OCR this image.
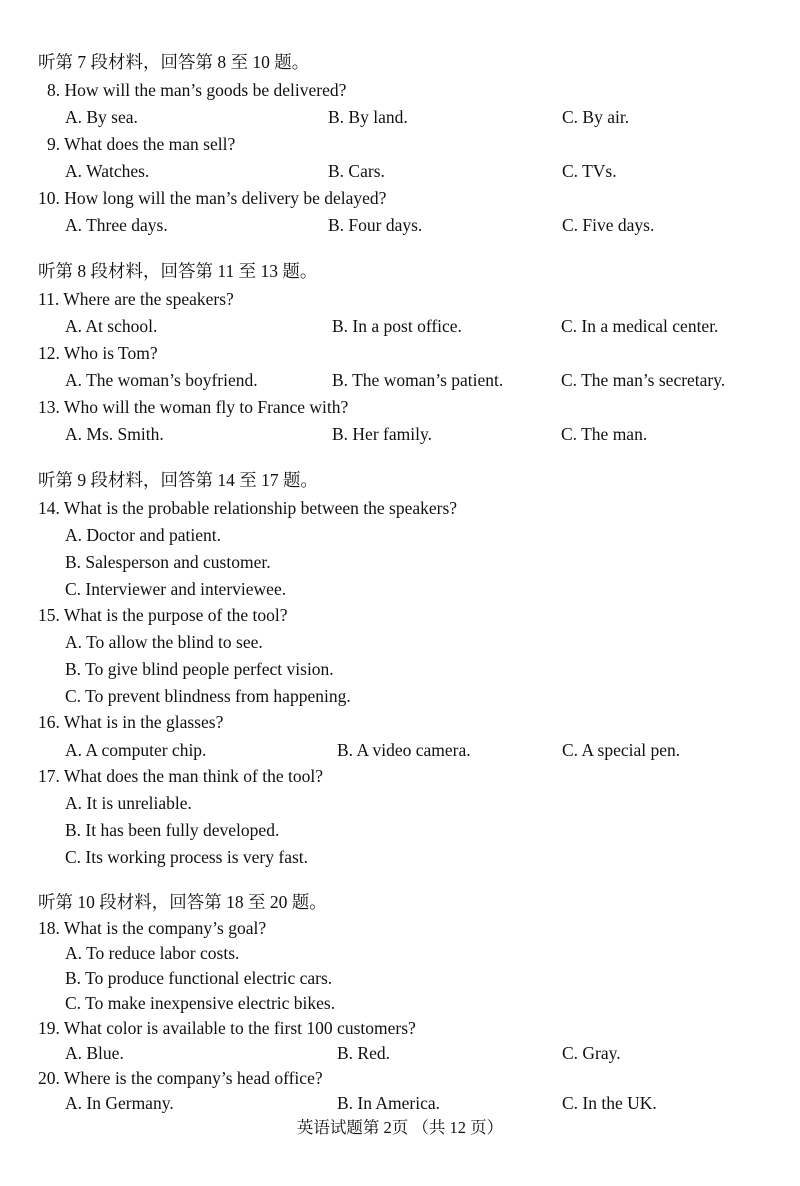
听第 7 段材料，回答第 8 至 10 题。
8. How will the man’s goods be delivered?
A. By sea.	B. By land.	C. By air.
9. What does the man sell?
A. Watches.	B. Cars.	C. TVs.
10. How long will the man’s delivery be delayed?
A. Three days.	B. Four days.	C. Five days.
听第 8 段材料，回答第 11 至 13 题。
11. Where are the speakers?
A. At school.	B. In a post office.	C. In a medical center.
12. Who is Tom?
A. The woman’s boyfriend.	B. The woman’s patient.	C. The man’s secretary.
13. Who will the woman fly to France with?
A. Ms. Smith.	B. Her family.	C. The man.
听第 9 段材料，回答第 14 至 17 题。
14. What is the probable relationship between the speakers?
A. Doctor and patient.
B. Salesperson and customer.
C. Interviewer and interviewee.
15. What is the purpose of the tool?
A. To allow the blind to see.
B. To give blind people perfect vision.
C. To prevent blindness from happening.
16. What is in the glasses?
A. A computer chip.	B. A video camera.	C. A special pen.
17. What does the man think of the tool?
A. It is unreliable.
B. It has been fully developed.
C. Its working process is very fast.
听第 10 段材料，回答第 18 至 20 题。
18. What is the company’s goal?
A. To reduce labor costs.
B. To produce functional electric cars.
C. To make inexpensive electric bikes.
19. What color is available to the first 100 customers?
A. Blue.	B. Red.	C. Gray.
20. Where is the company’s head office?
A. In Germany.	B. In America.	C. In the UK.
英语试题第 2页 （共 12 页）
